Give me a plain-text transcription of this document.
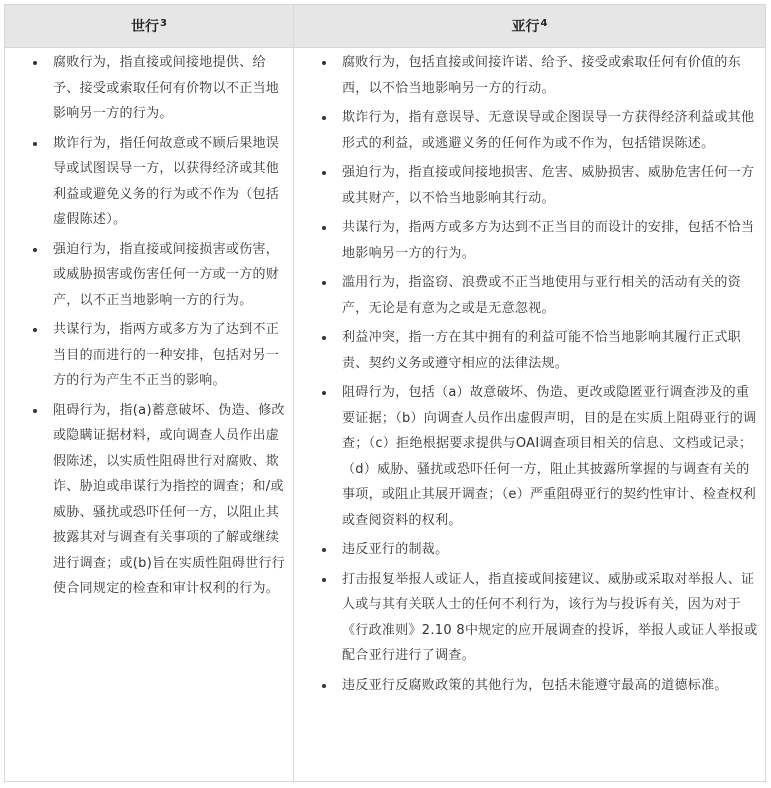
世行$^3$	亚行$^4$
腐败行为，指直接或间接地提供、给予、接受或索取任何有价物以不正当地影响另一方的行为。
欺诈行为，指任何故意或不顾后果地误导或试图误导一方，以获得经济或其他利益或避免义务的行为或不作为（包括虚假陈述）。
强迫行为，指直接或间接损害或伤害，或威胁损害或伤害任何一方或一方的财产，以不正当地影响一方的行为。
共谋行为，指两方或多方为了达到不正当目的而进行的一种安排，包括对另一方的行为产生不正当的影响。
阻碍行为，指(a)蓄意破坏、伪造、修改或隐瞒证据材料，或向调查人员作出虚假陈述，以实质性阻碍世行对腐败、欺诈、胁迫或串谋行为指控的调查；和/或威胁、骚扰或恐吓任何一方，以阻止其披露其对与调查有关事项的了解或继续进行调查；或(b)旨在实质性阻碍世行行使合同规定的检查和审计权利的行为。
腐败行为，包括直接或间接许诺、给予、接受或索取任何有价值的东西，以不恰当地影响另一方的行动。
欺诈行为，指有意误导、无意误导或企图误导一方获得经济利益或其他形式的利益，或逃避义务的任何作为或不作为，包括错误陈述。
强迫行为，指直接或间接地损害、危害、威胁损害、威胁危害任何一方或其财产，以不恰当地影响其行动。
共谋行为，指两方或多方为达到不正当目的而设计的安排，包括不恰当地影响另一方的行为。
滥用行为，指盗窃、浪费或不正当地使用与亚行相关的活动有关的资产，无论是有意为之或是无意忽视。
利益冲突，指一方在其中拥有的利益可能不恰当地影响其履行正式职责、契约义务或遵守相应的法律法规。
阻碍行为，包括（a）故意破坏、伪造、更改或隐匿亚行调查涉及的重要证据；（b）向调查人员作出虚假声明，目的是在实质上阻碍亚行的调查；（c）拒绝根据要求提供与OAI调查项目相关的信息、文档或记录；（d）威胁、骚扰或恐吓任何一方，阻止其披露所掌握的与调查有关的事项，或阻止其展开调查；（e）严重阻碍亚行的契约性审计、检查权利或查阅资料的权利。
违反亚行的制裁。
打击报复举报人或证人，指直接或间接建议、威胁或采取对举报人、证人或与其有关联人士的任何不利行为，该行为与投诉有关，因为对于《行政准则》2.10 8中规定的应开展调查的投诉，举报人或证人举报或配合亚行进行了调查。
违反亚行反腐败政策的其他行为，包括未能遵守最高的道德标准。
